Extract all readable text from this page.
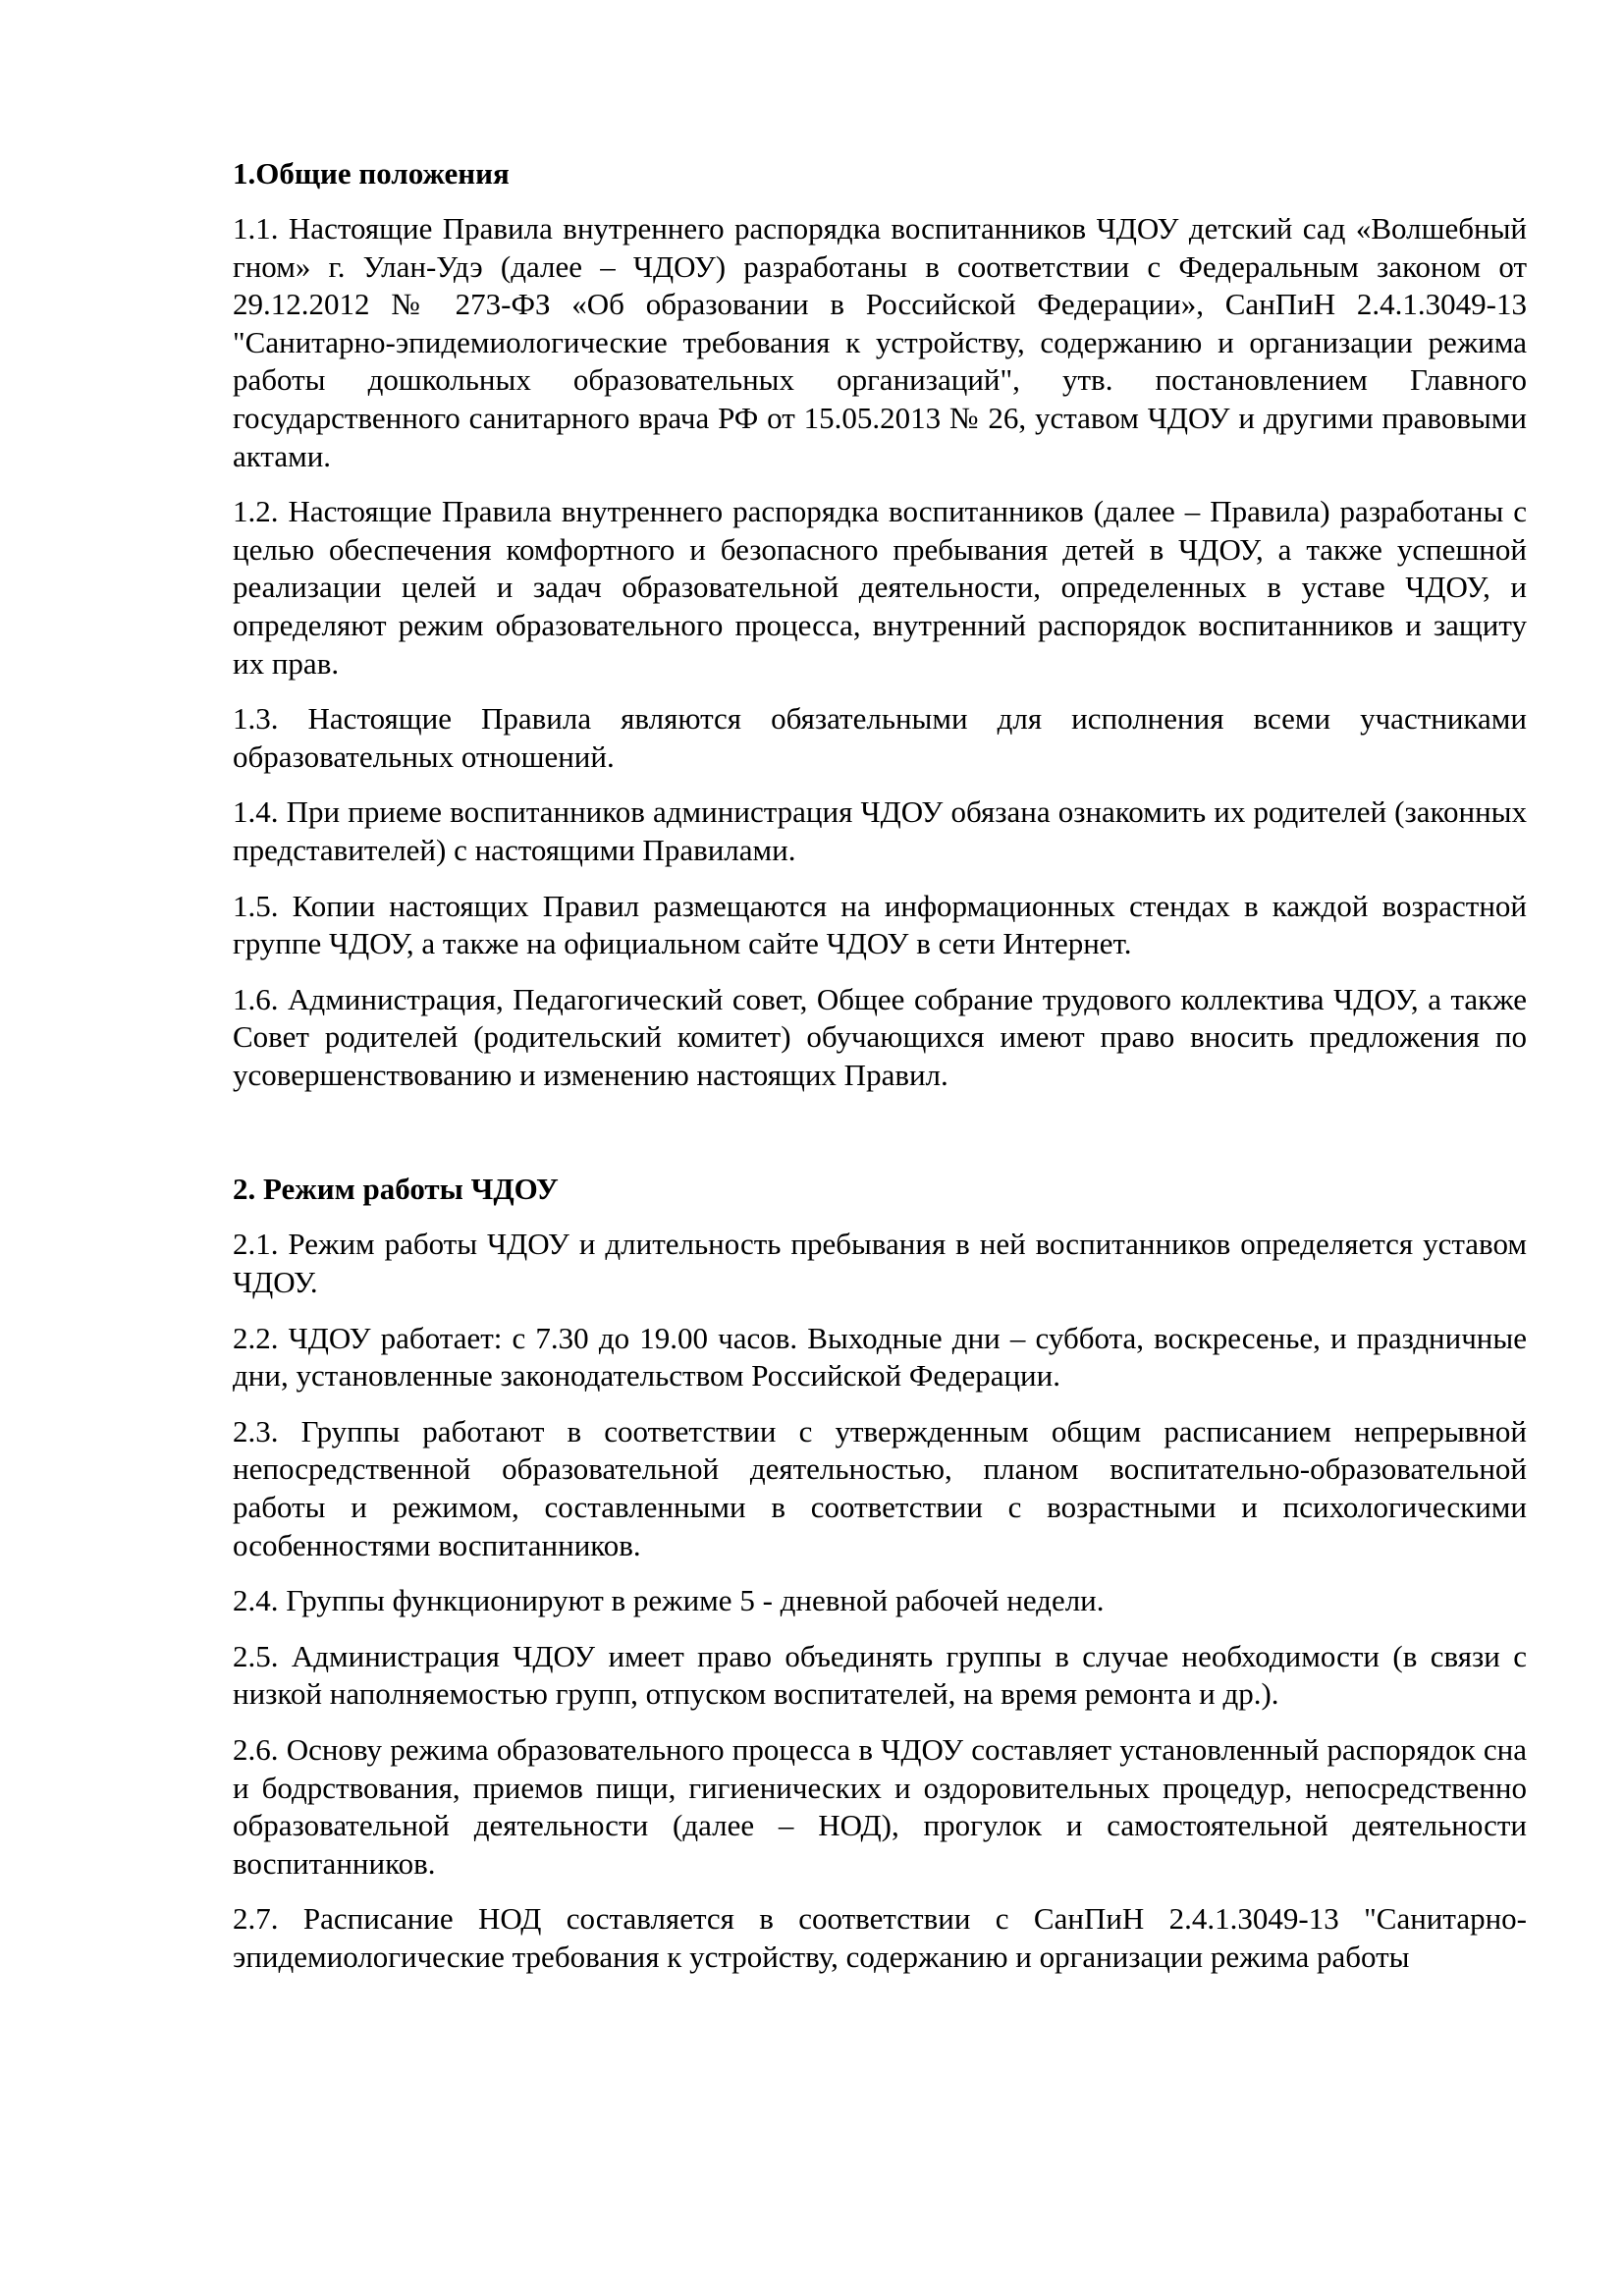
1.Общие положения
1.1. Настоящие Правила внутреннего распорядка воспитанников ЧДОУ детский сад «Волшебный гном» г. Улан-Удэ (далее – ЧДОУ) разработаны в соответствии с Федеральным законом от 29.12.2012 № 273-ФЗ «Об образовании в Российской Федерации», СанПиН 2.4.1.3049-13 "Санитарно-эпидемиологические требования к устройству, содержанию и организации режима работы дошкольных образовательных организаций", утв. постановлением Главного государственного санитарного врача РФ от 15.05.2013 № 26, уставом ЧДОУ и другими правовыми актами.
1.2. Настоящие Правила внутреннего распорядка воспитанников (далее – Правила) разработаны с целью обеспечения комфортного и безопасного пребывания детей в ЧДОУ, а также успешной реализации целей и задач образовательной деятельности, определенных в уставе ЧДОУ, и определяют режим образовательного процесса, внутренний распорядок воспитанников и защиту их прав.
1.3. Настоящие Правила являются обязательными для исполнения всеми участниками образовательных отношений.
1.4. При приеме воспитанников администрация ЧДОУ обязана ознакомить их родителей (законных представителей) с настоящими Правилами.
1.5. Копии настоящих Правил размещаются на информационных стендах в каждой возрастной группе ЧДОУ, а также на официальном сайте ЧДОУ в сети Интернет.
1.6. Администрация, Педагогический совет, Общее собрание трудового коллектива ЧДОУ, а также Совет родителей (родительский комитет) обучающихся имеют право вносить предложения по усовершенствованию и изменению настоящих Правил.
2. Режим работы ЧДОУ
2.1. Режим работы ЧДОУ и длительность пребывания в ней воспитанников определяется уставом ЧДОУ.
2.2. ЧДОУ работает: с 7.30 до 19.00 часов. Выходные дни – суббота, воскресенье, и праздничные дни, установленные законодательством Российской Федерации.
2.3. Группы работают в соответствии с утвержденным общим расписанием непрерывной непосредственной образовательной деятельностью, планом воспитательно-образовательной работы и режимом, составленными в соответствии с возрастными и психологическими особенностями воспитанников.
2.4. Группы функционируют в режиме 5 - дневной рабочей недели.
2.5. Администрация ЧДОУ имеет право объединять группы в случае необходимости (в связи с низкой наполняемостью групп, отпуском воспитателей, на время ремонта и др.).
2.6. Основу режима образовательного процесса в ЧДОУ составляет установленный распорядок сна и бодрствования, приемов пищи, гигиенических и оздоровительных процедур, непосредственно образовательной деятельности (далее – НОД), прогулок и самостоятельной деятельности воспитанников.
2.7. Расписание НОД составляется в соответствии с СанПиН 2.4.1.3049-13 "Санитарно-эпидемиологические требования к устройству, содержанию и организации режима работы
